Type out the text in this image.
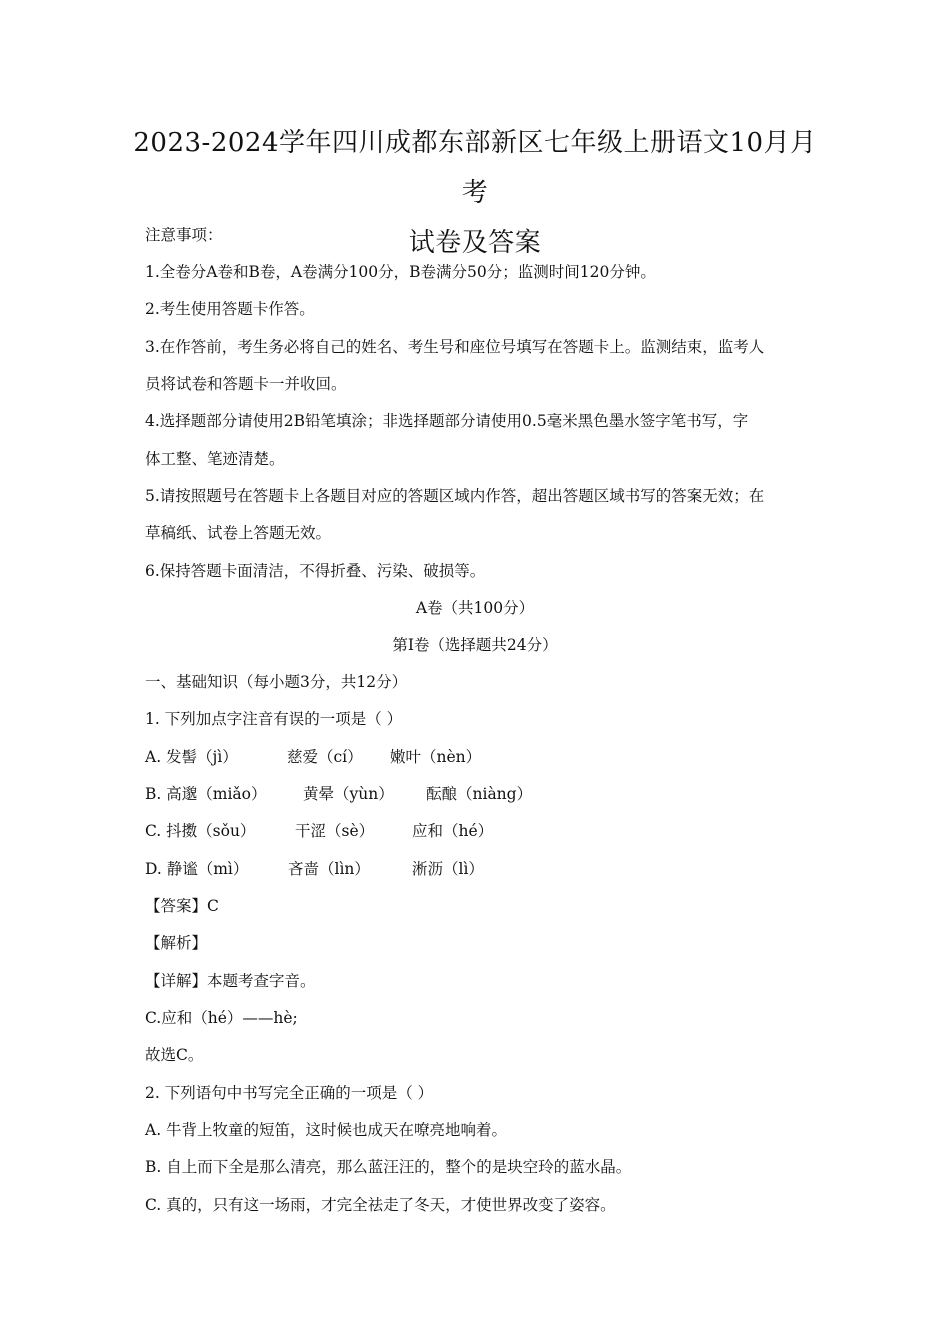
2023-2024学年四川成都东部新区七年级上册语文10月月考
试卷及答案
注意事项：
1.全卷分A卷和B卷，A卷满分100分，B卷满分50分；监测时间120分钟。
2.考生使用答题卡作答。
3.在作答前，考生务必将自己的姓名、考生号和座位号填写在答题卡上。监测结束，监考人
员将试卷和答题卡一并收回。
4.选择题部分请使用2B铅笔填涂；非选择题部分请使用0.5毫米黑色墨水签字笔书写，字
体工整、笔迹清楚。
5.请按照题号在答题卡上各题目对应的答题区域内作答，超出答题区域书写的答案无效；在
草稿纸、试卷上答题无效。
6.保持答题卡面清洁，不得折叠、污染、破损等。
A卷（共100分）
第Ⅰ卷（选择题共24分）
一、基础知识（每小题3分，共12分）
1. 下列加点字注音有误的一项是（ ）
A. 发髻（jì）	慈爱（cí） 嫩叶（nèn）
B. 高邈（miǎo） 黄晕（yùn） 酝酿（niàng）
C. 抖擞（sǒu）	干涩（sè） 应和（hé）
D. 静谧（mì）	吝啬（lìn）	淅沥（lì）
【答案】C
【解析】
【详解】本题考查字音。
C.应和（hé）——hè;
故选C。
2. 下列语句中书写完全正确的一项是（ ）
A. 牛背上牧童的短笛，这时候也成天在嘹亮地响着。
B. 自上而下全是那么清亮，那么蓝汪汪的，整个的是块空玲的蓝水晶。
C. 真的，只有这一场雨，才完全祛走了冬天，才使世界改变了姿容。
